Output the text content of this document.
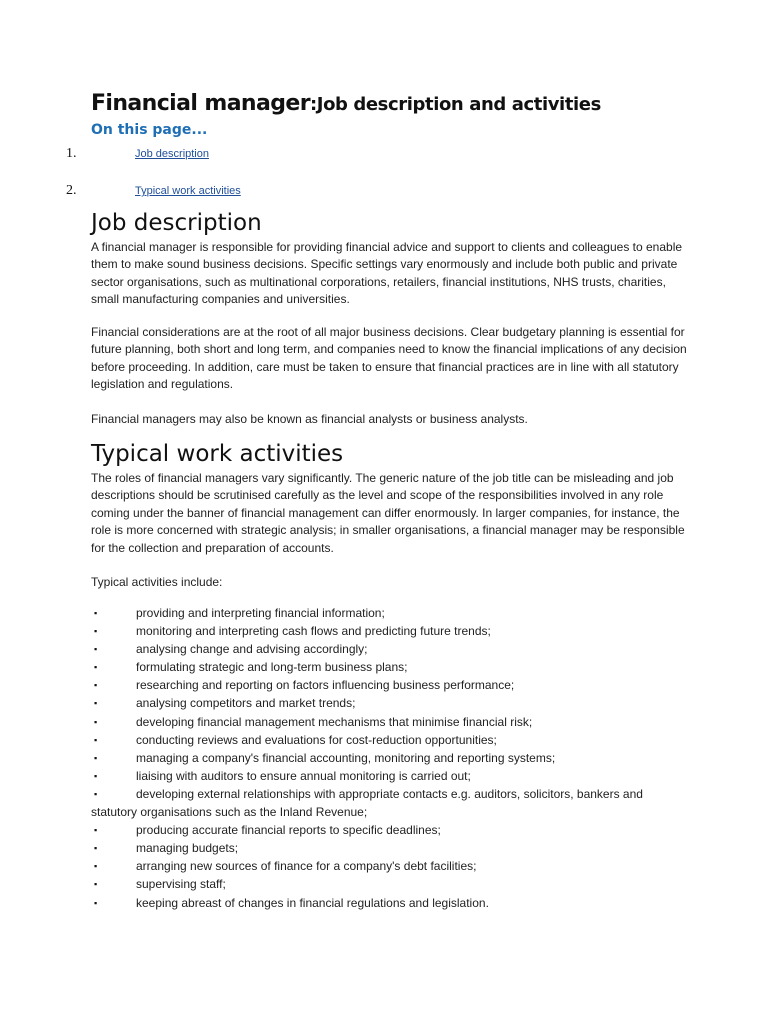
Financial manager:Job description and activities
On this page...
1.	Job description
2.	Typical work activities
Job description

A financial manager is responsible for providing financial advice and support to clients and colleagues to enable them to make sound business decisions. Specific settings vary enormously and include both public and private sector organisations, such as multinational corporations, retailers, financial institutions, NHS trusts, charities, small manufacturing companies and universities.

Financial considerations are at the root of all major business decisions. Clear budgetary planning is essential for future planning, both short and long term, and companies need to know the financial implications of any decision before proceeding. In addition, care must be taken to ensure that financial practices are in line with all statutory legislation and regulations.

Financial managers may also be known as financial analysts or business analysts.

Typical work activities

The roles of financial managers vary significantly. The generic nature of the job title can be misleading and job descriptions should be scrutinised carefully as the level and scope of the responsibilities involved in any role coming under the banner of financial management can differ enormously. In larger companies, for instance, the role is more concerned with strategic analysis; in smaller organisations, a financial manager may be responsible for the collection and preparation of accounts.

Typical activities include:

▪	providing and interpreting financial information;
▪	monitoring and interpreting cash flows and predicting future trends;
▪	analysing change and advising accordingly;
▪	formulating strategic and long-term business plans;
▪	researching and reporting on factors influencing business performance;
▪	analysing competitors and market trends;
▪	developing financial management mechanisms that minimise financial risk;
▪	conducting reviews and evaluations for cost-reduction opportunities;
▪	managing a company's financial accounting, monitoring and reporting systems;
▪	liaising with auditors to ensure annual monitoring is carried out;
▪	developing external relationships with appropriate contacts e.g. auditors, solicitors, bankers and statutory organisations such as the Inland Revenue;
▪	producing accurate financial reports to specific deadlines;
▪	managing budgets;
▪	arranging new sources of finance for a company's debt facilities;
▪	supervising staff;
▪	keeping abreast of changes in financial regulations and legislation.
